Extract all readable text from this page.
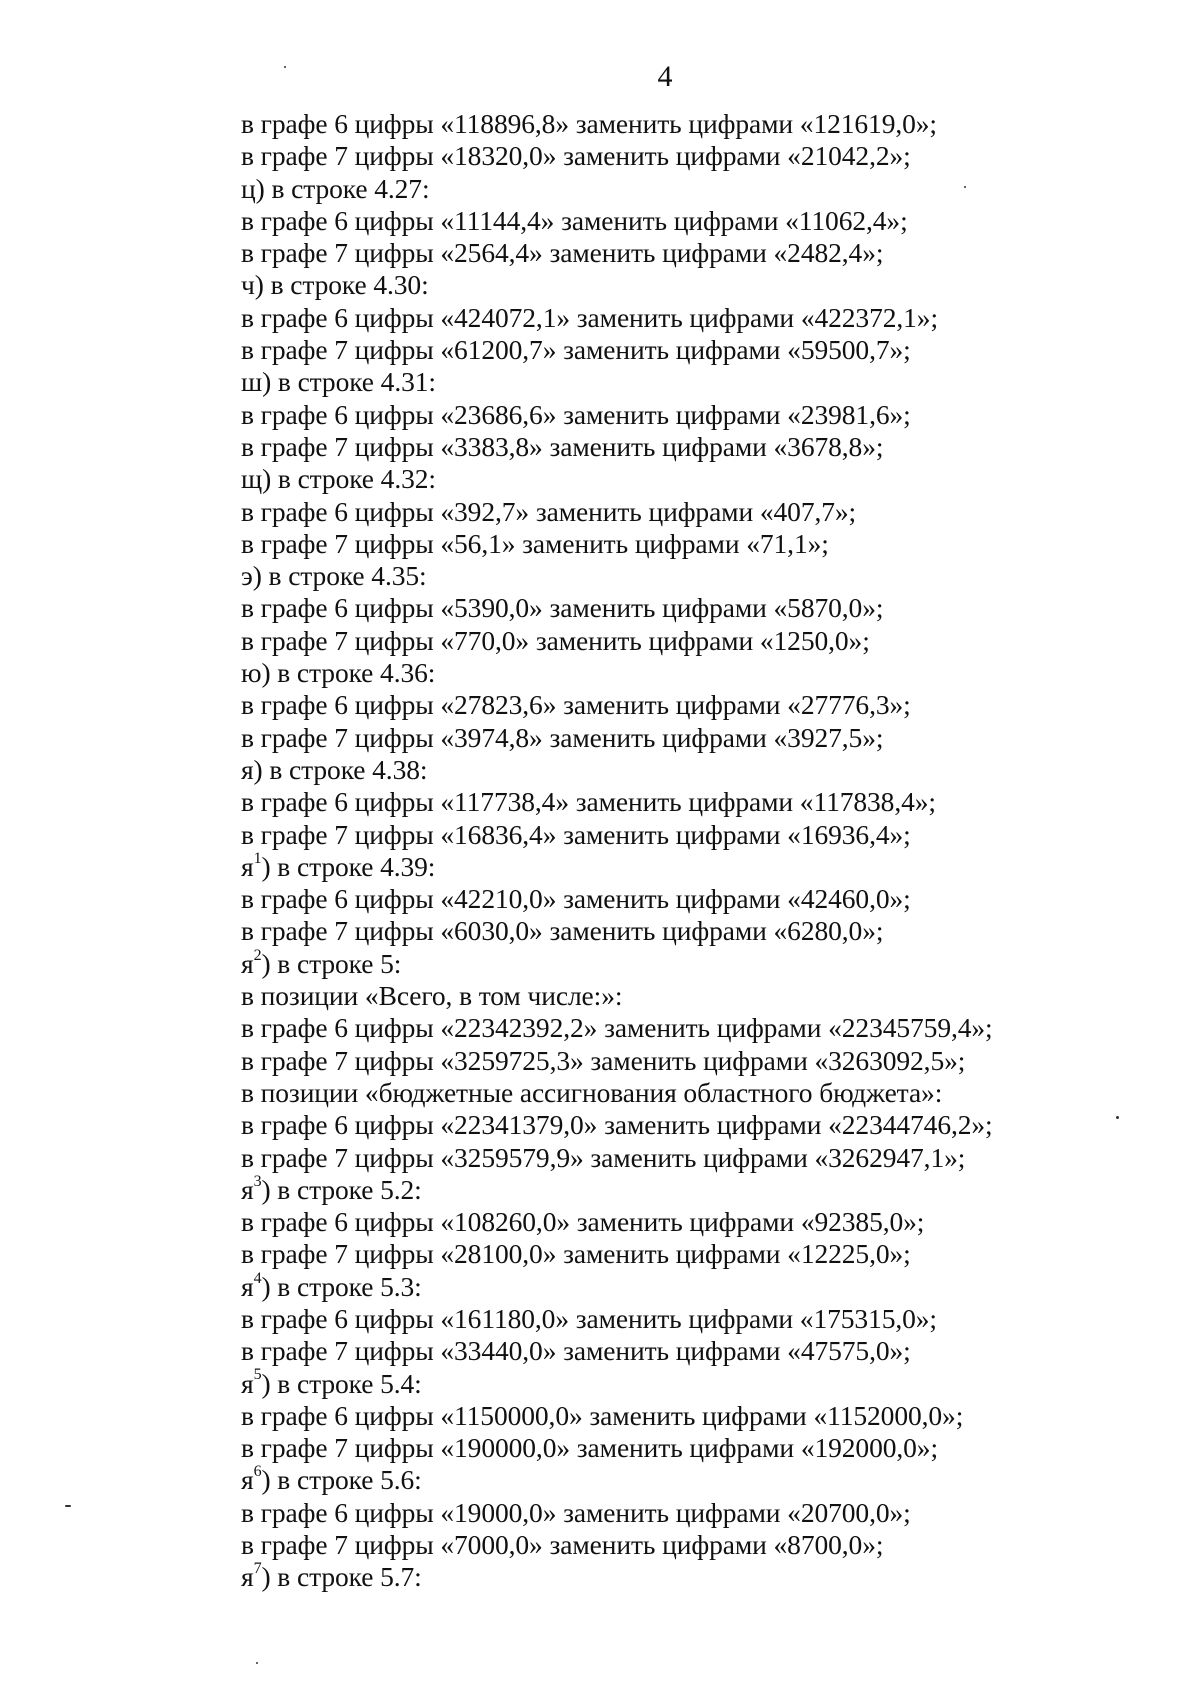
4
в графе 6 цифры «118896,8» заменить цифрами «121619,0»;
в графе 7 цифры «18320,0» заменить цифрами «21042,2»;
ц) в строке 4.27:
в графе 6 цифры «11144,4» заменить цифрами «11062,4»;
в графе 7 цифры «2564,4» заменить цифрами «2482,4»;
ч) в строке 4.30:
в графе 6 цифры «424072,1» заменить цифрами «422372,1»;
в графе 7 цифры «61200,7» заменить цифрами «59500,7»;
ш) в строке 4.31:
в графе 6 цифры «23686,6» заменить цифрами «23981,6»;
в графе 7 цифры «3383,8» заменить цифрами «3678,8»;
щ) в строке 4.32:
в графе 6 цифры «392,7» заменить цифрами «407,7»;
в графе 7 цифры «56,1» заменить цифрами «71,1»;
э) в строке 4.35:
в графе 6 цифры «5390,0» заменить цифрами «5870,0»;
в графе 7 цифры «770,0» заменить цифрами «1250,0»;
ю) в строке 4.36:
в графе 6 цифры «27823,6» заменить цифрами «27776,3»;
в графе 7 цифры «3974,8» заменить цифрами «3927,5»;
я) в строке 4.38:
в графе 6 цифры «117738,4» заменить цифрами «117838,4»;
в графе 7 цифры «16836,4» заменить цифрами «16936,4»;
$я^1$) в строке 4.39:
в графе 6 цифры «42210,0» заменить цифрами «42460,0»;
в графе 7 цифры «6030,0» заменить цифрами «6280,0»;
$я^2$) в строке 5:
в позиции «Всего, в том числе:»:
в графе 6 цифры «22342392,2» заменить цифрами «22345759,4»;
в графе 7 цифры «3259725,3» заменить цифрами «3263092,5»;
в позиции «бюджетные ассигнования областного бюджета»:
в графе 6 цифры «22341379,0» заменить цифрами «22344746,2»;
в графе 7 цифры «3259579,9» заменить цифрами «3262947,1»;
$я^3$) в строке 5.2:
в графе 6 цифры «108260,0» заменить цифрами «92385,0»;
в графе 7 цифры «28100,0» заменить цифрами «12225,0»;
$я^4$) в строке 5.3:
в графе 6 цифры «161180,0» заменить цифрами «175315,0»;
в графе 7 цифры «33440,0» заменить цифрами «47575,0»;
$я^5$) в строке 5.4:
в графе 6 цифры «1150000,0» заменить цифрами «1152000,0»;
в графе 7 цифры «190000,0» заменить цифрами «192000,0»;
$я^6$) в строке 5.6:
в графе 6 цифры «19000,0» заменить цифрами «20700,0»;
в графе 7 цифры «7000,0» заменить цифрами «8700,0»;
$я^7$) в строке 5.7:
